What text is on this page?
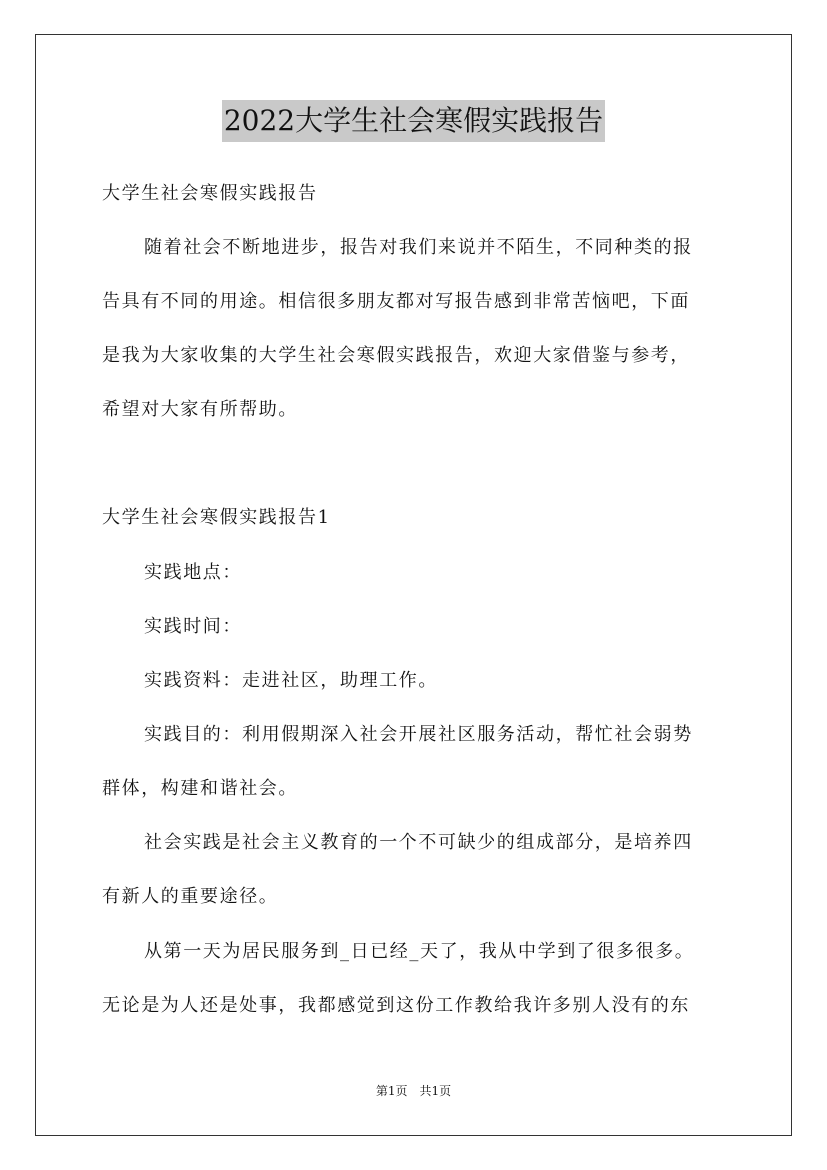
2022大学生社会寒假实践报告
大学生社会寒假实践报告
随着社会不断地进步，报告对我们来说并不陌生，不同种类的报
告具有不同的用途。相信很多朋友都对写报告感到非常苦恼吧，下面
是我为大家收集的大学生社会寒假实践报告，欢迎大家借鉴与参考，
希望对大家有所帮助。
大学生社会寒假实践报告1
实践地点：
实践时间：
实践资料：走进社区，助理工作。
实践目的：利用假期深入社会开展社区服务活动，帮忙社会弱势
群体，构建和谐社会。
社会实践是社会主义教育的一个不可缺少的组成部分，是培养四
有新人的重要途径。
从第一天为居民服务到_日已经_天了，我从中学到了很多很多。
无论是为人还是处事，我都感觉到这份工作教给我许多别人没有的东
第1页 共1页
